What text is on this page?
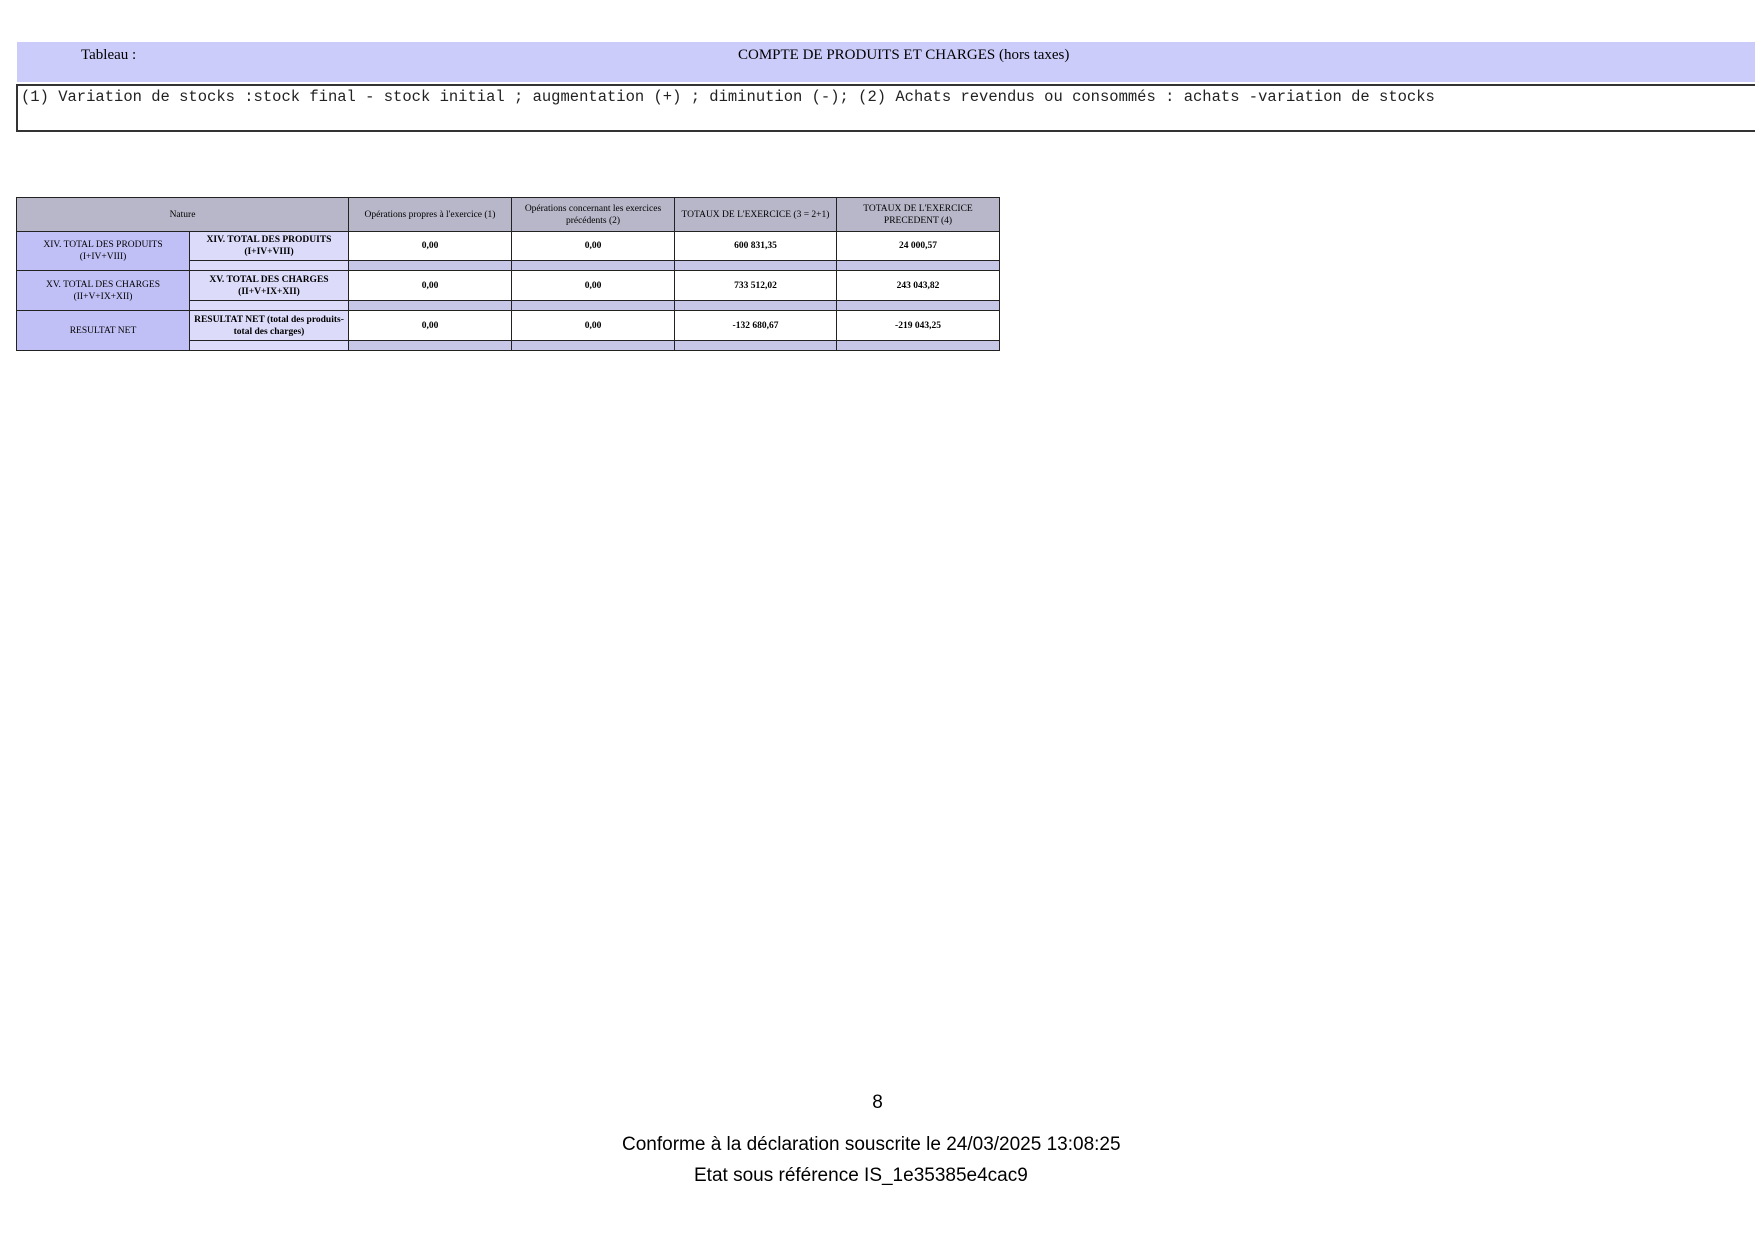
Tableau :	COMPTE DE PRODUITS ET CHARGES (hors taxes)
(1) Variation de stocks :stock final - stock initial ; augmentation (+) ; diminution (-); (2) Achats revendus ou consommés : achats -variation de stocks
Nature		Opérations propres à l'exercice (1)	Opérations concernant les exercices précédents (2)	TOTAUX DE L'EXERCICE (3 = 2+1)	TOTAUX DE L'EXERCICE PRECEDENT (4)
XIV. TOTAL DES PRODUITS (I+IV+VIII)	XIV. TOTAL DES PRODUITS (I+IV+VIII)	0,00	0,00	600 831,35	24 000,57

XV. TOTAL DES CHARGES (II+V+IX+XII)	XV. TOTAL DES CHARGES (II+V+IX+XII)	0,00	0,00	733 512,02	243 043,82

RESULTAT NET	RESULTAT NET (total des produits-total des charges)	0,00	0,00	-132 680,67	-219 043,25

8
Conforme à la déclaration souscrite le 24/03/2025 13:08:25
Etat sous référence IS_1e35385e4cac9
